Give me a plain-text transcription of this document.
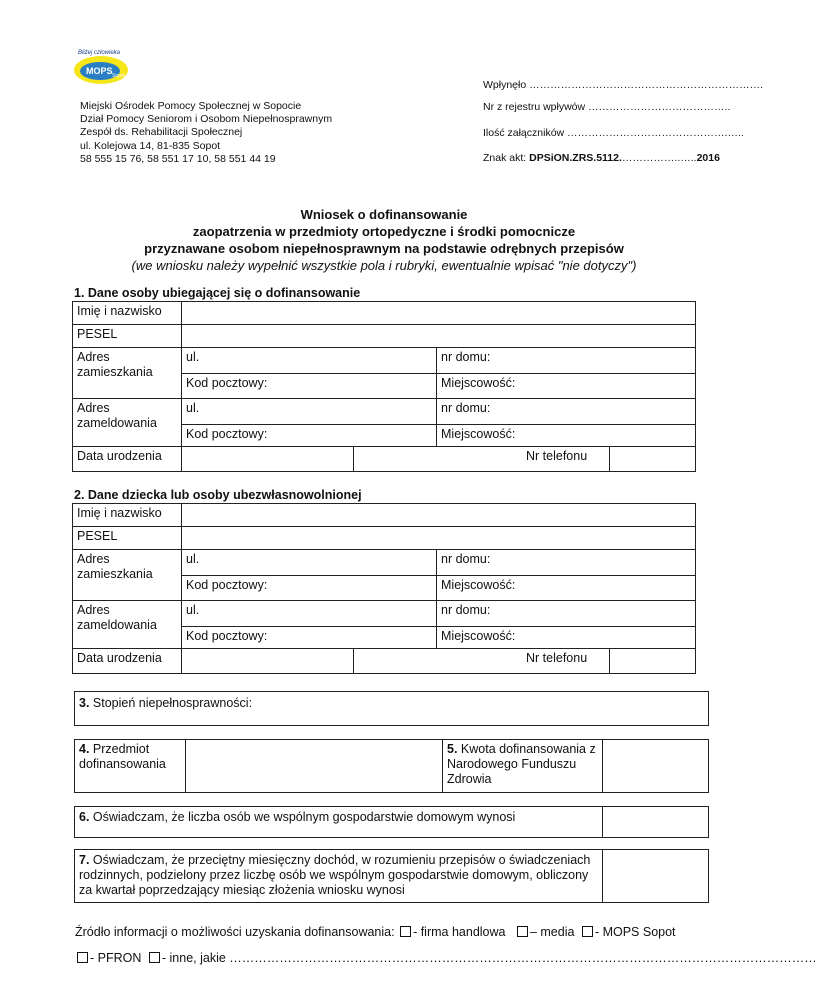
MOPS Sopot
Bliżej człowieka
Wpłynęło ………………………………………………………….
Miejski Ośrodek Pomocy Społecznej w Sopocie
Dział Pomocy Seniorom i Osobom Niepełnosprawnym
Zespół ds. Rehabilitacji Społecznej
ul. Kolejowa 14, 81-835 Sopot
58 555 15 76, 58 551 17 10, 58 551 44 19
Nr z rejestru wpływów …………………………………..
Ilość załączników ……………………………………….…..
Znak akt: DPSiON.ZRS.5112.……………..…..2016
Wniosek o dofinansowanie
zaopatrzenia w przedmioty ortopedyczne i środki pomocnicze
przyznawane osobom niepełnosprawnym na podstawie odrębnych przepisów
(we wniosku należy wypełnić wszystkie pola i rubryki, ewentualnie wpisać "nie dotyczy")
1. Dane osoby ubiegającej się o dofinansowanie
Imię i nazwisko				
PESEL				
Adres zamieszkania	ul.		nr domu:	
	Kod pocztowy:		Miejscowość:	
Adres zameldowania	ul.		nr domu:	
	Kod pocztowy:		Miejscowość:	
Data urodzenia		Nr telefonu		
2. Dane dziecka lub osoby ubezwłasnowolnionej
Imię i nazwisko				
PESEL				
Adres zamieszkania	ul.		nr domu:	
	Kod pocztowy:		Miejscowość:	
Adres zameldowania	ul.		nr domu:	
	Kod pocztowy:		Miejscowość:	
Data urodzenia		Nr telefonu		
3. Stopień niepełnosprawności:
4. Przedmiot dofinansowania
5. Kwota dofinansowania z Narodowego Funduszu Zdrowia
6. Oświadczam, że liczba osób we wspólnym gospodarstwie domowym wynosi
7. Oświadczam, że przeciętny miesięczny dochód, w rozumieniu przepisów o świadczeniach rodzinnych, podzielony przez liczbę osób we wspólnym gospodarstwie domowym, obliczony za kwartał poprzedzający miesiąc złożenia wniosku wynosi
Źródło informacji o możliwości uzyskania dofinansowania: - firma handlowa – media - MOPS Sopot
- PFRON - inne, jakie ……………………………………………………………………………………………………………………………
